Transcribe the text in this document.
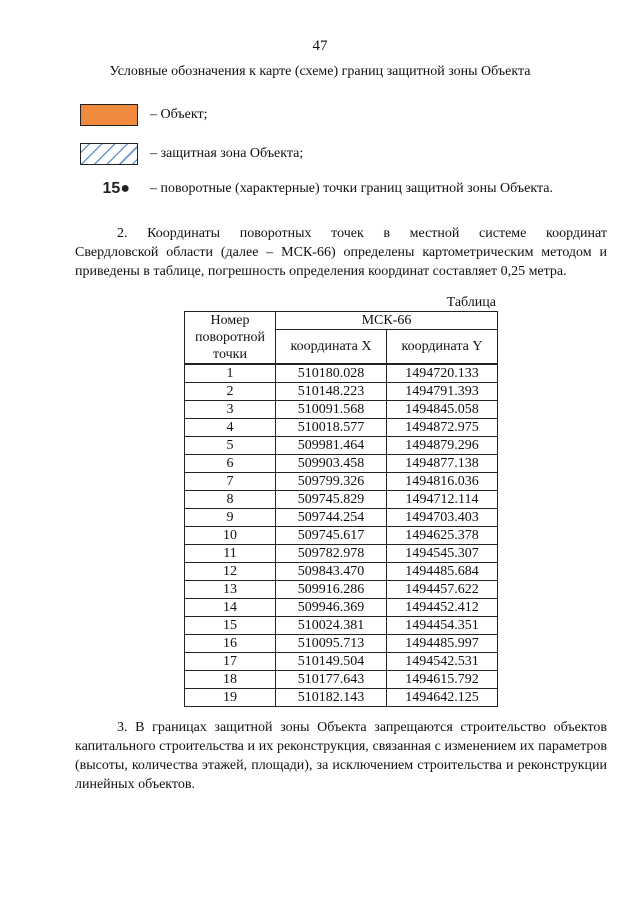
47
Условные обозначения к карте (схеме) границ защитной зоны Объекта
– Объект;
– защитная зона Объекта;
15●	– поворотные (характерные) точки границ защитной зоны Объекта.
2. Координаты поворотных точек в местной системе координат
Свердловской области (далее – МСК-66) определены картометрическим методом и приведены в таблице, погрешность определения координат составляет 0,25 метра.
Таблица
Номер поворотной точки	МСК-66	
	координата X	координата Y
1	510180.028	1494720.133
2	510148.223	1494791.393
3	510091.568	1494845.058
4	510018.577	1494872.975
5	509981.464	1494879.296
6	509903.458	1494877.138
7	509799.326	1494816.036
8	509745.829	1494712.114
9	509744.254	1494703.403
10	509745.617	1494625.378
11	509782.978	1494545.307
12	509843.470	1494485.684
13	509916.286	1494457.622
14	509946.369	1494452.412
15	510024.381	1494454.351
16	510095.713	1494485.997
17	510149.504	1494542.531
18	510177.643	1494615.792
19	510182.143	1494642.125
3. В границах защитной зоны Объекта запрещаются строительство объектов капитального строительства и их реконструкция, связанная с изменением их параметров (высоты, количества этажей, площади), за исключением строительства и реконструкции линейных объектов.
